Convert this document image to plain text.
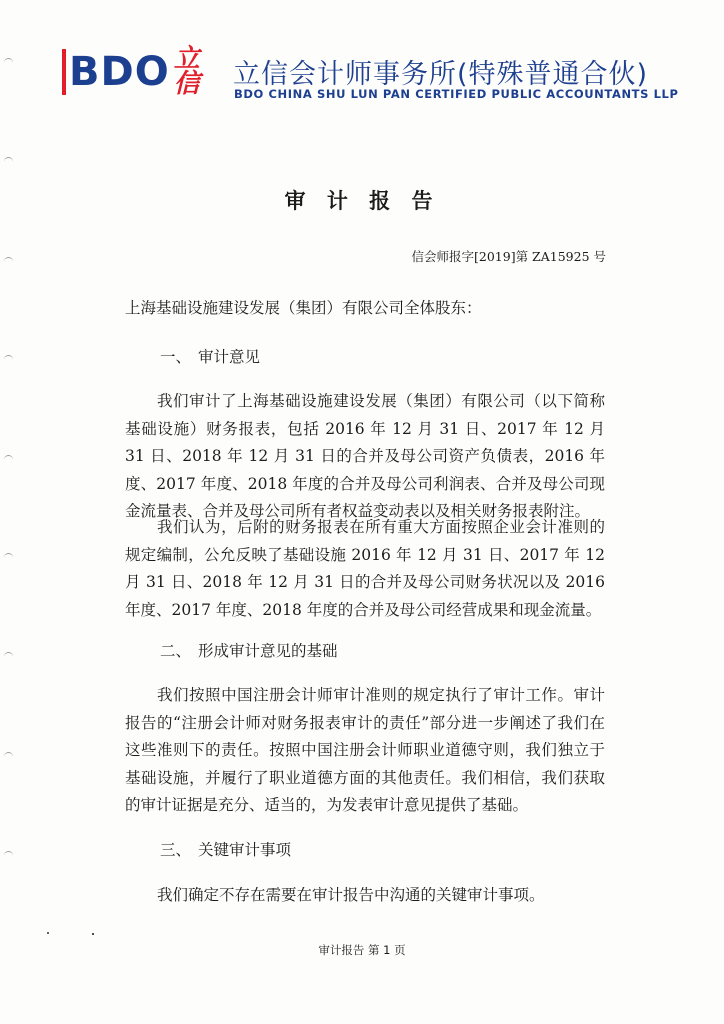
BDO 立
信 立信会计师事务所(特殊普通合伙)
BDO CHINA SHU LUN PAN CERTIFIED PUBLIC ACCOUNTANTS LLP
审 计 报 告
信会师报字[2019]第 ZA15925 号
上海基础设施建设发展（集团）有限公司全体股东：
一、 审计意见
我们审计了上海基础设施建设发展（集团）有限公司（以下简称基础设施）财务报表，包括 2016 年 12 月 31 日、2017 年 12 月 31 日、2018 年 12 月 31 日的合并及母公司资产负债表，2016 年度、2017 年度、2018 年度的合并及母公司利润表、合并及母公司现金流量表、合并及母公司所有者权益变动表以及相关财务报表附注。
我们认为，后附的财务报表在所有重大方面按照企业会计准则的规定编制，公允反映了基础设施 2016 年 12 月 31 日、2017 年 12 月 31 日、2018 年 12 月 31 日的合并及母公司财务状况以及 2016 年度、2017 年度、2018 年度的合并及母公司经营成果和现金流量。
二、 形成审计意见的基础
我们按照中国注册会计师审计准则的规定执行了审计工作。审计报告的“注册会计师对财务报表审计的责任”部分进一步阐述了我们在这些准则下的责任。按照中国注册会计师职业道德守则，我们独立于基础设施，并履行了职业道德方面的其他责任。我们相信，我们获取的审计证据是充分、适当的，为发表审计意见提供了基础。
三、 关键审计事项
我们确定不存在需要在审计报告中沟通的关键审计事项。
审计报告 第 1 页
